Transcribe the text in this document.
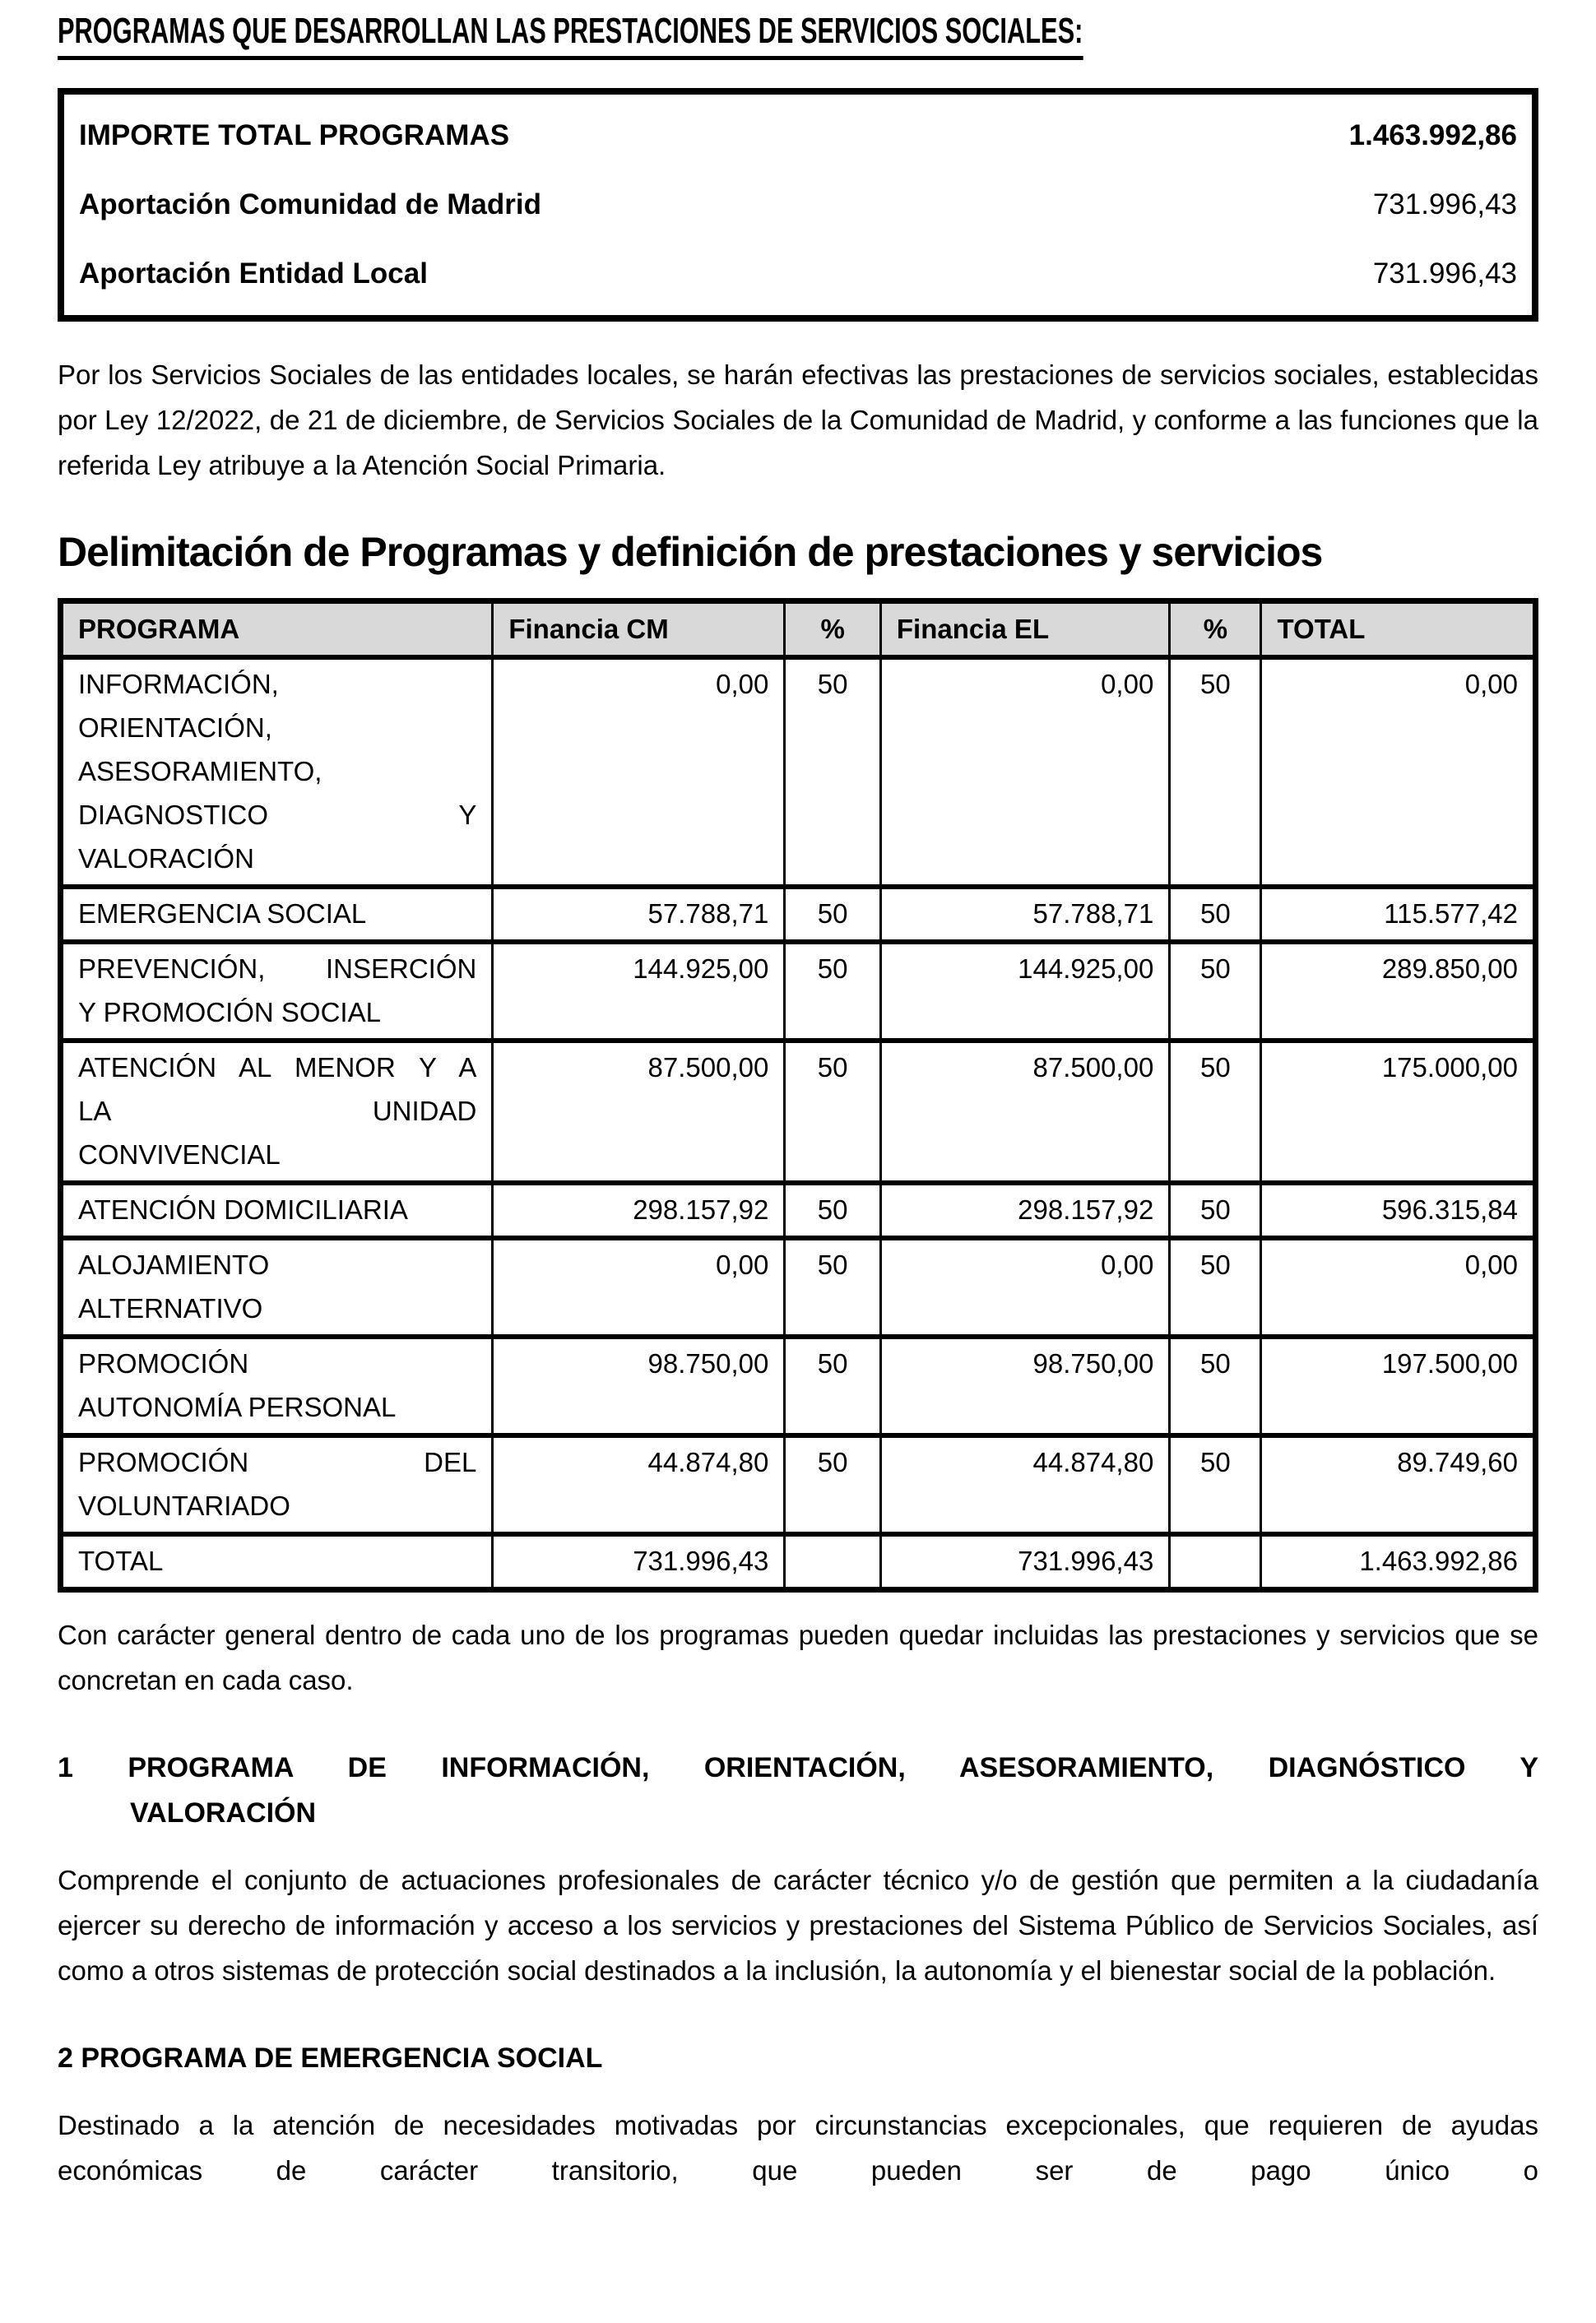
PROGRAMAS QUE DESARROLLAN LAS PRESTACIONES DE SERVICIOS SOCIALES:
IMPORTE TOTAL PROGRAMAS	1.463.992,86
Aportación Comunidad de Madrid	731.996,43
Aportación Entidad Local	731.996,43

Por los Servicios Sociales de las entidades locales, se harán efectivas las prestaciones de servicios sociales, establecidas por Ley 12/2022, de 21 de diciembre, de Servicios Sociales de la Comunidad de Madrid, y conforme a las funciones que la referida Ley atribuye a la Atención Social Primaria.

Delimitación de Programas y definición de prestaciones y servicios
PROGRAMA	Financia CM	%	Financia EL	%	TOTAL

INFORMACIÓN,
ORIENTACIÓN,
ASESORAMIENTO,
DIAGNOSTICO Y
VALORACIÓN	0,00	50	0,00	50	0,00

EMERGENCIA SOCIAL	57.788,71	50	57.788,71	50	115.577,42

PREVENCIÓN, INSERCIÓN
Y PROMOCIÓN SOCIAL	144.925,00	50	144.925,00	50	289.850,00

ATENCIÓN AL MENOR Y A
LA UNIDAD
CONVIVENCIAL	87.500,00	50	87.500,00	50	175.000,00

ATENCIÓN DOMICILIARIA	298.157,92	50	298.157,92	50	596.315,84

ALOJAMIENTO
ALTERNATIVO	0,00	50	0,00	50	0,00

PROMOCIÓN
AUTONOMÍA PERSONAL	98.750,00	50	98.750,00	50	197.500,00

PROMOCIÓN DEL
VOLUNTARIADO	44.874,80	50	44.874,80	50	89.749,60

TOTAL	731.996,43		731.996,43		1.463.992,86

Con carácter general dentro de cada uno de los programas pueden quedar incluidas las prestaciones y servicios que se concretan en cada caso.

1 PROGRAMA DE INFORMACIÓN, ORIENTACIÓN, ASESORAMIENTO, DIAGNÓSTICO Y
VALORACIÓN

Comprende el conjunto de actuaciones profesionales de carácter técnico y/o de gestión que permiten a la ciudadanía ejercer su derecho de información y acceso a los servicios y prestaciones del Sistema Público de Servicios Sociales, así como a otros sistemas de protección social destinados a la inclusión, la autonomía y el bienestar social de la población.

2 PROGRAMA DE EMERGENCIA SOCIAL

Destinado a la atención de necesidades motivadas por circunstancias excepcionales, que requieren de ayudas económicas de carácter transitorio, que pueden ser de pago único o
